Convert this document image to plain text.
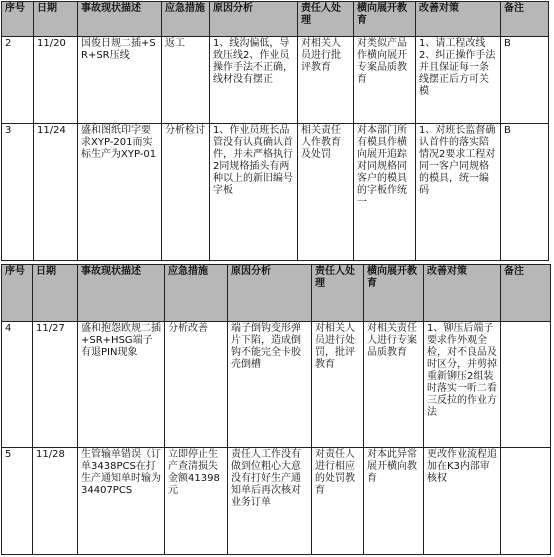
序号	日期	事故现状描述	应急措施	原因分析	责任人处理	横向展开教育	改善对策	备注
2	11/20	国俊日规二插+SR+SR压线	返工	1、线沟偏低，导致压线2、作业员操作手法不正确，线材没有摆正	对相关人员进行批评教育	对类似产品作横向展开专案品质教育	1、请工程改线2、纠正操作手法并且保证每一条线摆正后方可关模	B
3	11/24	盛和图纸印字要求XYP-201而实标生产为XYP-01	分析检讨	1、作业员班长品管没有认真确认首件，并未严格执行2同规格插头有两种以上的新旧编号字板	相关责任人作教育及处罚	对本部门所有模具作横向展开追踪对同规格同客户的模具的字板作统一	1、对班长监督确认首件的落实陪情况2要求工程对同一客户同规格的模具，统一编码	B
序号	日期	事故现状描述	应急措施	原因分析	责任人处理	横向展开教育	改善对策	备注
4	11/27	盛和抱怨欧规二插+SR+HSG端子有退PIN现象	分析改善	端子倒钩变形弹片下陷，造成倒钩不能完全卡胶壳倒槽	对相关人员进行处罚，批评教育	对相关责任人进行专案品质教育	1、铆压后端子要求作外观全检，对不良品及时区分，并剪掉重新铆压2组装时落实一听二看三反拉的作业方法	
5	11/28	生管输单错误（订单3438PCS在打生产通知单时输为34407PCS	立即停止生产查清损失金额41398元	责任人工作没有做到位粗心大意没有打好生产通知单后再次核对业务订单	对责任人进行相应的处罚教育	对本此异常展开横向教育	更改作业流程追加在K3内部审核权	
